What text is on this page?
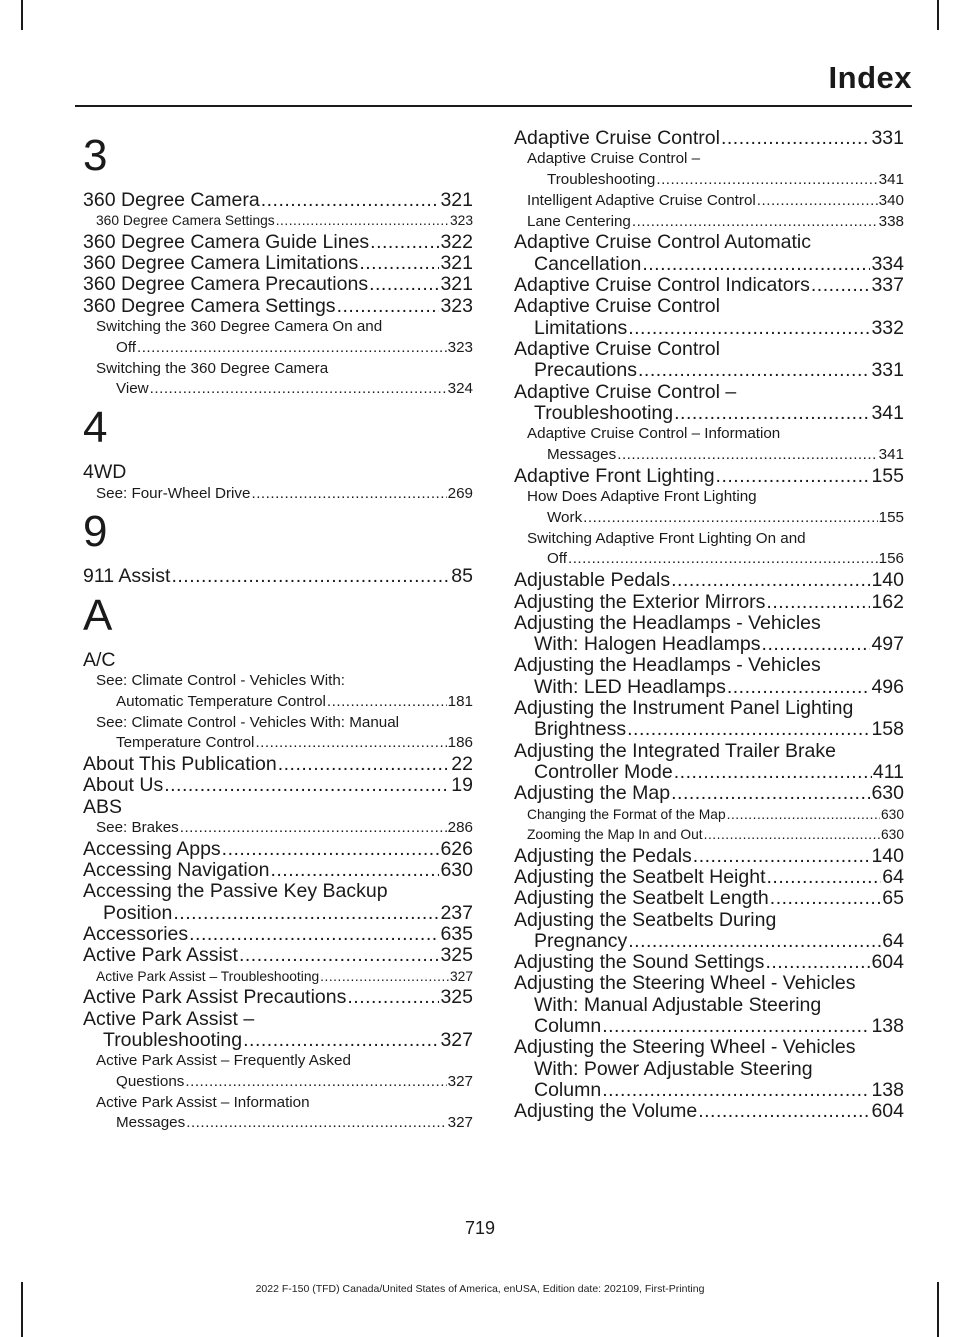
Index
3
360 Degree Camera .....	321
360 Degree Camera Settings .....	323
360 Degree Camera Guide Lines .....	322
360 Degree Camera Limitations .....	321
360 Degree Camera Precautions .....	321
360 Degree Camera Settings .....	323
Switching the 360 Degree Camera On and
Off .....	323
Switching the 360 Degree Camera
View .....	324
4
4WD
See: Four-Wheel Drive .....	269
9
911 Assist .....	85
A
A/C
See: Climate Control - Vehicles With:
Automatic Temperature Control .....	181
See: Climate Control - Vehicles With: Manual
Temperature Control .....	186
About This Publication .....	22
About Us .....	19
ABS
See: Brakes .....	286
Accessing Apps .....	626
Accessing Navigation .....	630
Accessing the Passive Key Backup
Position .....	237
Accessories .....	635
Active Park Assist .....	325
Active Park Assist – Troubleshooting .....	327
Active Park Assist Precautions .....	325
Active Park Assist –
Troubleshooting .....	327
Active Park Assist – Frequently Asked
Questions .....	327
Active Park Assist – Information
Messages .....	327
Adaptive Cruise Control .....	331
Adaptive Cruise Control –
Troubleshooting .....	341
Intelligent Adaptive Cruise Control .....	340
Lane Centering .....	338
Adaptive Cruise Control Automatic
Cancellation .....	334
Adaptive Cruise Control Indicators .....	337
Adaptive Cruise Control
Limitations .....	332
Adaptive Cruise Control
Precautions .....	331
Adaptive Cruise Control –
Troubleshooting .....	341
Adaptive Cruise Control – Information
Messages .....	341
Adaptive Front Lighting .....	155
How Does Adaptive Front Lighting
Work .....	155
Switching Adaptive Front Lighting On and
Off .....	156
Adjustable Pedals .....	140
Adjusting the Exterior Mirrors .....	162
Adjusting the Headlamps - Vehicles
With: Halogen Headlamps .....	497
Adjusting the Headlamps - Vehicles
With: LED Headlamps .....	496
Adjusting the Instrument Panel Lighting
Brightness .....	158
Adjusting the Integrated Trailer Brake
Controller Mode .....	411
Adjusting the Map .....	630
Changing the Format of the Map .....	630
Zooming the Map In and Out .....	630
Adjusting the Pedals .....	140
Adjusting the Seatbelt Height .....	64
Adjusting the Seatbelt Length .....	65
Adjusting the Seatbelts During
Pregnancy .....	64
Adjusting the Sound Settings .....	604
Adjusting the Steering Wheel - Vehicles
With: Manual Adjustable Steering
Column .....	138
Adjusting the Steering Wheel - Vehicles
With: Power Adjustable Steering
Column .....	138
Adjusting the Volume .....	604
719
2022 F-150 (TFD) Canada/United States of America, enUSA, Edition date: 202109, First-Printing
